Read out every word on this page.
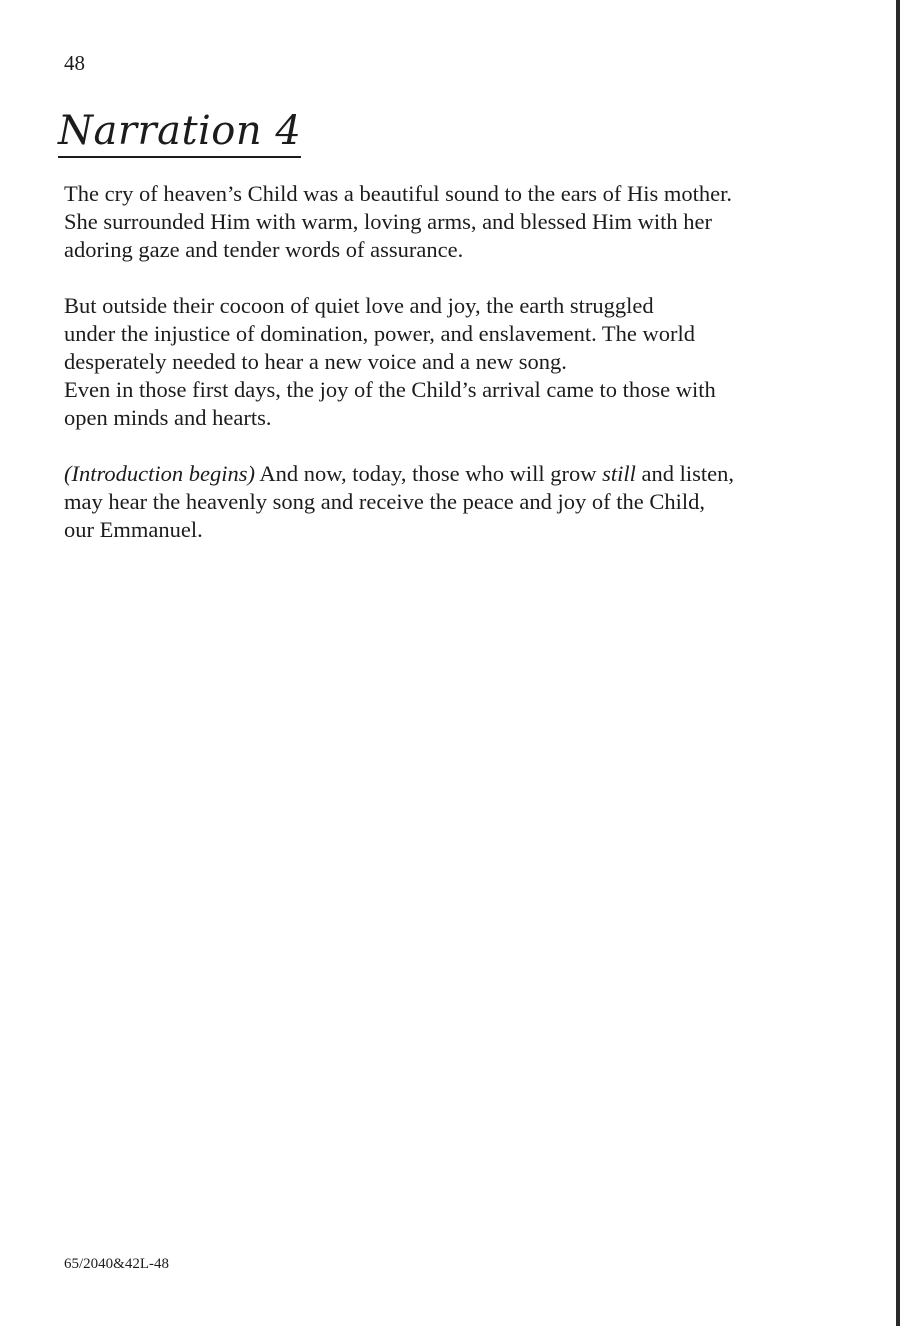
48
Narration 4

The cry of heaven’s Child was a beautiful sound to the ears of His mother.
She surrounded Him with warm, loving arms, and blessed Him with her
adoring gaze and tender words of assurance.

But outside their cocoon of quiet love and joy, the earth struggled
under the injustice of domination, power, and enslavement. The world
desperately needed to hear a new voice and a new song.
Even in those first days, the joy of the Child’s arrival came to those with
open minds and hearts.

(Introduction begins) And now, today, those who will grow still and listen,
may hear the heavenly song and receive the peace and joy of the Child,
our Emmanuel.

65/2040&42L-48
